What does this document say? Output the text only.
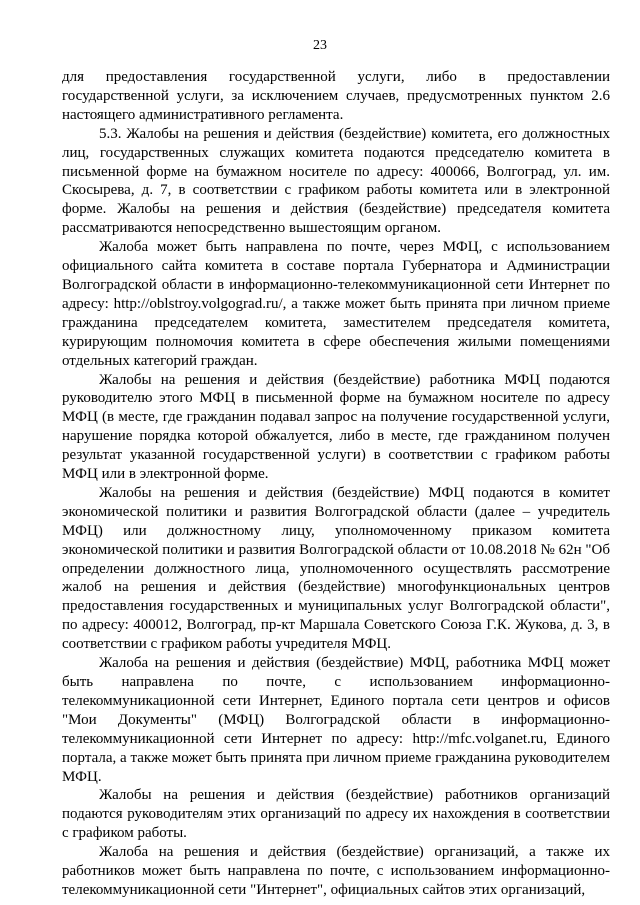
23

для предоставления государственной услуги, либо в предоставлении государственной услуги, за исключением случаев, предусмотренных пунктом 2.6 настоящего административного регламента.

5.3. Жалобы на решения и действия (бездействие) комитета, его должностных лиц, государственных служащих комитета подаются председателю комитета в письменной форме на бумажном носителе по адресу: 400066, Волгоград, ул. им. Скосырева, д. 7, в соответствии с графиком работы комитета или в электронной форме. Жалобы на решения и действия (бездействие) председателя комитета рассматриваются непосредственно вышестоящим органом.

Жалоба может быть направлена по почте, через МФЦ, с использованием официального сайта комитета в составе портала Губернатора и Администрации Волгоградской области в информационно-телекоммуникационной сети Интернет по адресу: http://oblstroy.volgograd.ru/, а также может быть принята при личном приеме гражданина председателем комитета, заместителем председателя комитета, курирующим полномочия комитета в сфере обеспечения жилыми помещениями отдельных категорий граждан.

Жалобы на решения и действия (бездействие) работника МФЦ подаются руководителю этого МФЦ в письменной форме на бумажном носителе по адресу МФЦ (в месте, где гражданин подавал запрос на получение государственной услуги, нарушение порядка которой обжалуется, либо в месте, где гражданином получен результат указанной государственной услуги) в соответствии с графиком работы МФЦ или в электронной форме.

Жалобы на решения и действия (бездействие) МФЦ подаются в комитет экономической политики и развития Волгоградской области (далее – учредитель МФЦ) или должностному лицу, уполномоченному приказом комитета экономической политики и развития Волгоградской области от 10.08.2018 № 62н "Об определении должностного лица, уполномоченного осуществлять рассмотрение жалоб на решения и действия (бездействие) многофункциональных центров предоставления государственных и муниципальных услуг Волгоградской области", по адресу: 400012, Волгоград, пр-кт Маршала Советского Союза Г.К. Жукова, д. 3, в соответствии с графиком работы учредителя МФЦ.

Жалоба на решения и действия (бездействие) МФЦ, работника МФЦ может быть направлена по почте, с использованием информационно-телекоммуникационной сети Интернет, Единого портала сети центров и офисов "Мои Документы" (МФЦ) Волгоградской области в информационно-телекоммуникационной сети Интернет по адресу: http://mfc.volganet.ru, Единого портала, а также может быть принята при личном приеме гражданина руководителем МФЦ.

Жалобы на решения и действия (бездействие) работников организаций подаются руководителям этих организаций по адресу их нахождения в соответствии с графиком работы.

Жалоба на решения и действия (бездействие) организаций, а также их работников может быть направлена по почте, с использованием информационно-телекоммуникационной сети "Интернет", официальных сайтов этих организаций,
